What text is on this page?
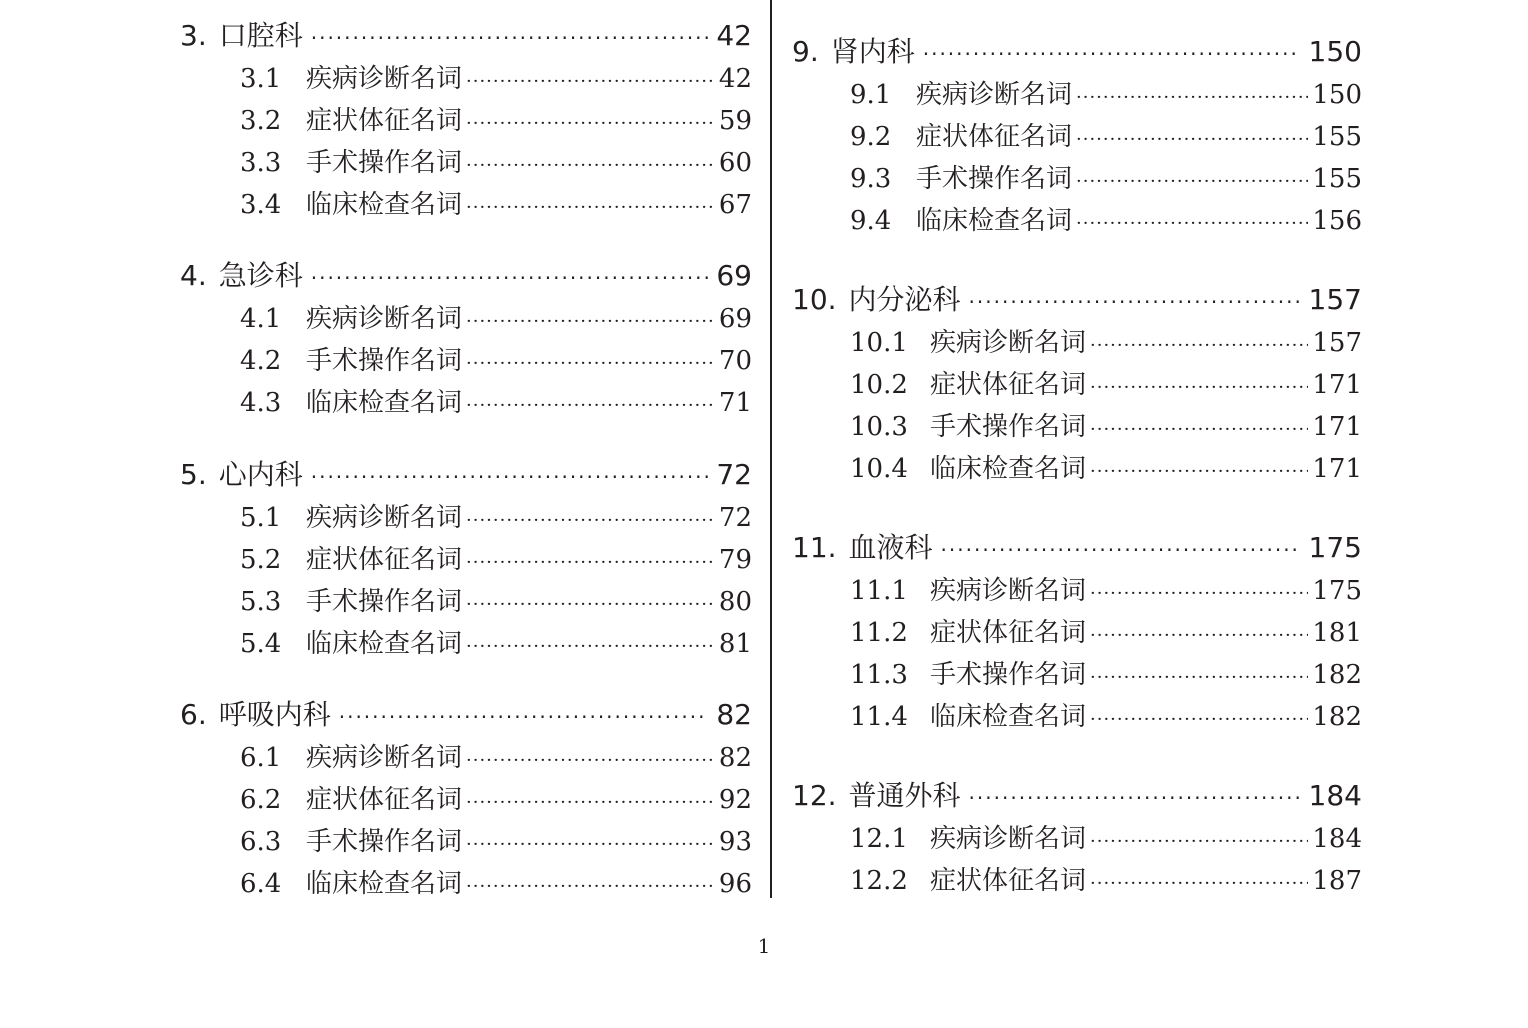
3. 口腔科 ·····	42
3.1 疾病诊断名词 ·····	42
3.2 症状体征名词 ·····	59
3.3 手术操作名词 ·····	60
3.4 临床检查名词 ·····	67
4. 急诊科 ·····	69
4.1 疾病诊断名词 ·····	69
4.2 手术操作名词 ·····	70
4.3 临床检查名词 ·····	71
5. 心内科 ·····	72
5.1 疾病诊断名词 ·····	72
5.2 症状体征名词 ·····	79
5.3 手术操作名词 ·····	80
5.4 临床检查名词 ·····	81
6. 呼吸内科 ·····	82
6.1 疾病诊断名词 ·····	82
6.2 症状体征名词 ·····	92
6.3 手术操作名词 ·····	93
6.4 临床检查名词 ·····	96
9. 肾内科 ·····	150
9.1 疾病诊断名词 ·····	150
9.2 症状体征名词 ·····	155
9.3 手术操作名词 ·····	155
9.4 临床检查名词 ·····	156
10. 内分泌科 ·····	157
10.1 疾病诊断名词 ·····	157
10.2 症状体征名词 ·····	171
10.3 手术操作名词 ·····	171
10.4 临床检查名词 ·····	171
11. 血液科 ·····	175
11.1 疾病诊断名词 ·····	175
11.2 症状体征名词 ·····	181
11.3 手术操作名词 ·····	182
11.4 临床检查名词 ·····	182
12. 普通外科 ·····	184
12.1 疾病诊断名词 ·····	184
12.2 症状体征名词 ·····	187
1
